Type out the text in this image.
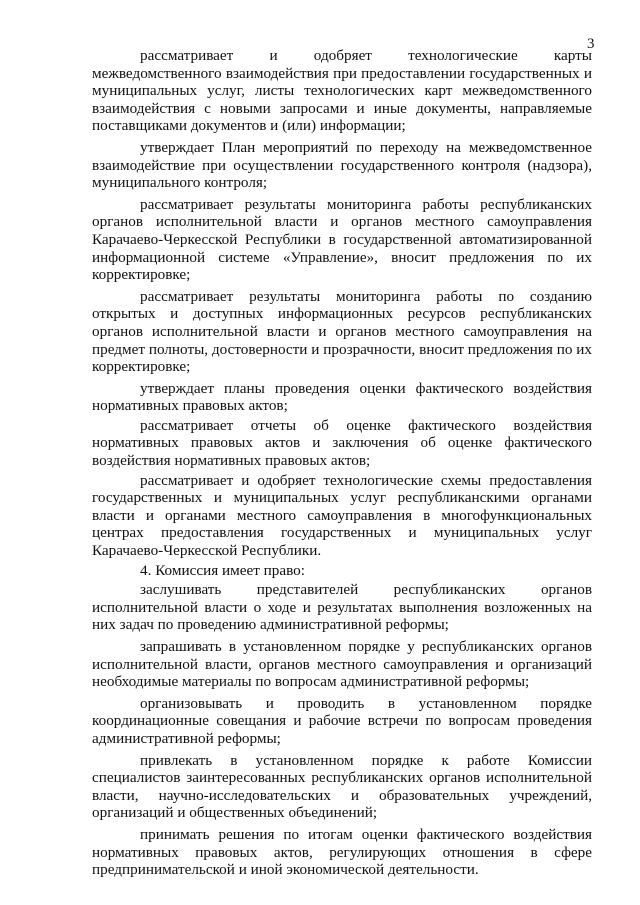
3

рассматривает и одобряет технологические карты межведомственного взаимодействия при предоставлении государственных и муниципальных услуг, листы технологических карт межведомственного взаимодействия с новыми запросами и иные документы, направляемые поставщиками документов и (или) информации;

утверждает План мероприятий по переходу на межведомственное взаимодействие при осуществлении государственного контроля (надзора), муниципального контроля;

рассматривает результаты мониторинга работы республиканских органов исполнительной власти и органов местного самоуправления Карачаево-Черкесской Республики в государственной автоматизированной информационной системе «Управление», вносит предложения по их корректировке;

рассматривает результаты мониторинга работы по созданию открытых и доступных информационных ресурсов республиканских органов исполнительной власти и органов местного самоуправления на предмет полноты, достоверности и прозрачности, вносит предложения по их корректировке;

утверждает планы проведения оценки фактического воздействия нормативных правовых актов;

рассматривает отчеты об оценке фактического воздействия нормативных правовых актов и заключения об оценке фактического воздействия нормативных правовых актов;

рассматривает и одобряет технологические схемы предоставления государственных и муниципальных услуг республиканскими органами власти и органами местного самоуправления в многофункциональных центрах предоставления государственных и муниципальных услуг Карачаево-Черкесской Республики.

4. Комиссия имеет право:

заслушивать представителей республиканских органов исполнительной власти о ходе и результатах выполнения возложенных на них задач по проведению административной реформы;

запрашивать в установленном порядке у республиканских органов исполнительной власти, органов местного самоуправления и организаций необходимые материалы по вопросам административной реформы;

организовывать и проводить в установленном порядке координационные совещания и рабочие встречи по вопросам проведения административной реформы;

привлекать в установленном порядке к работе Комиссии специалистов заинтересованных республиканских органов исполнительной власти, научно-исследовательских и образовательных учреждений, организаций и общественных объединений;

принимать решения по итогам оценки фактического воздействия нормативных правовых актов, регулирующих отношения в сфере предпринимательской и иной экономической деятельности.
